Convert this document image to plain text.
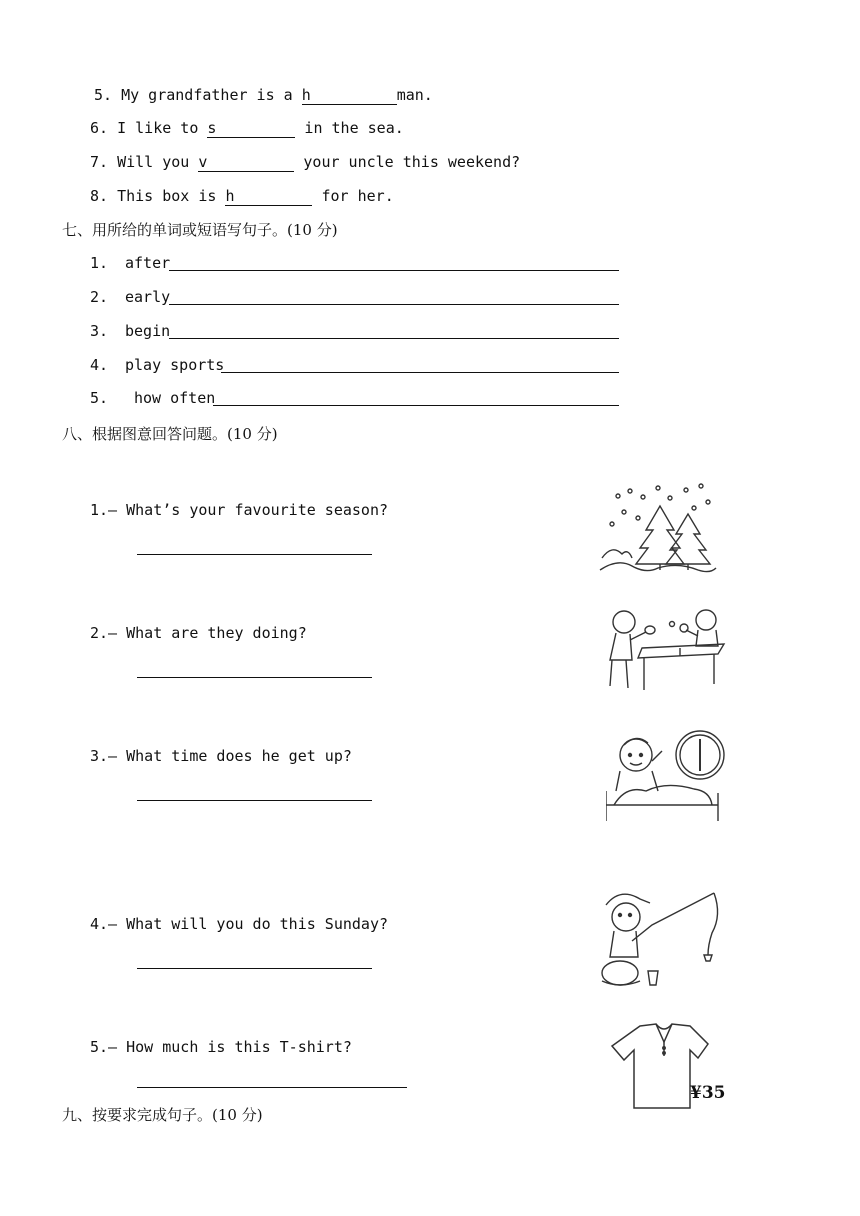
5. My grandfather is a h	man.
6. I like to s	in the sea.
7. Will you v	your uncle this weekend?
8. This box is h	for her.
七、用所给的单词或短语写句子。(10 分)
1. after
2. early
3. begin
4. play sports
5. how often
八、根据图意回答问题。(10 分)
1.— What’s your favourite season?
2.— What are they doing?
3.— What time does he get up?
4.— What will you do this Sunday?
5.— How much is this T-shirt?
九、按要求完成句子。(10 分)
¥35
